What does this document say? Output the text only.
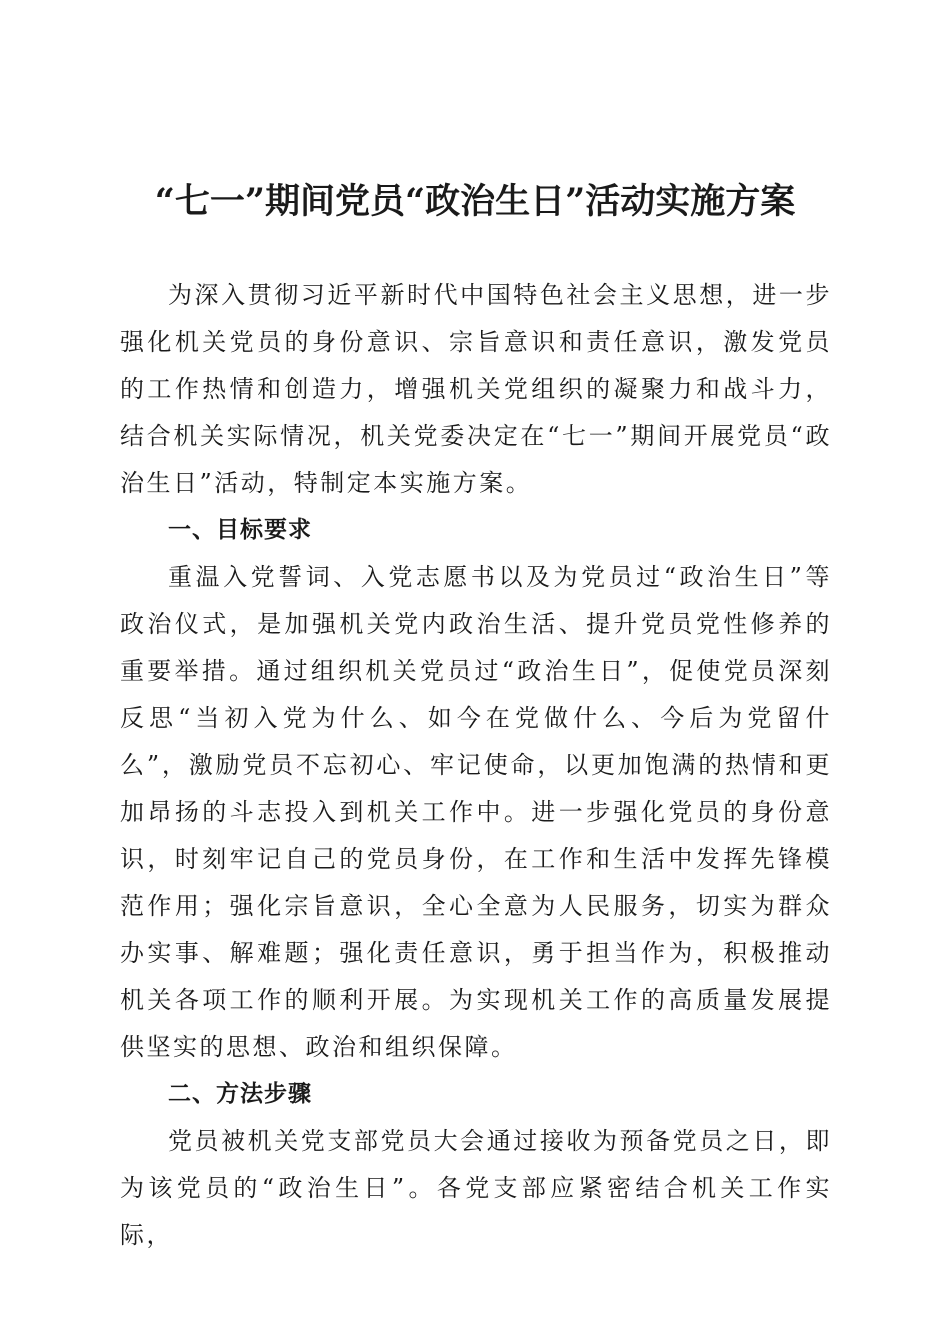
“七一”期间党员“政治生日”活动实施方案

为深入贯彻习近平新时代中国特色社会主义思想，进一步强化机关党员的身份意识、宗旨意识和责任意识，激发党员的工作热情和创造力，增强机关党组织的凝聚力和战斗力，结合机关实际情况，机关党委决定在“七一”期间开展党员“政治生日”活动，特制定本实施方案。

一、目标要求

重温入党誓词、入党志愿书以及为党员过“政治生日”等政治仪式，是加强机关党内政治生活、提升党员党性修养的重要举措。通过组织机关党员过“政治生日”，促使党员深刻反思“当初入党为什么、如今在党做什么、今后为党留什么”，激励党员不忘初心、牢记使命，以更加饱满的热情和更加昂扬的斗志投入到机关工作中。进一步强化党员的身份意识，时刻牢记自己的党员身份，在工作和生活中发挥先锋模范作用；强化宗旨意识，全心全意为人民服务，切实为群众办实事、解难题；强化责任意识，勇于担当作为，积极推动机关各项工作的顺利开展。为实现机关工作的高质量发展提供坚实的思想、政治和组织保障。

二、方法步骤

党员被机关党支部党员大会通过接收为预备党员之日，即为该党员的“政治生日”。各党支部应紧密结合机关工作实际，
